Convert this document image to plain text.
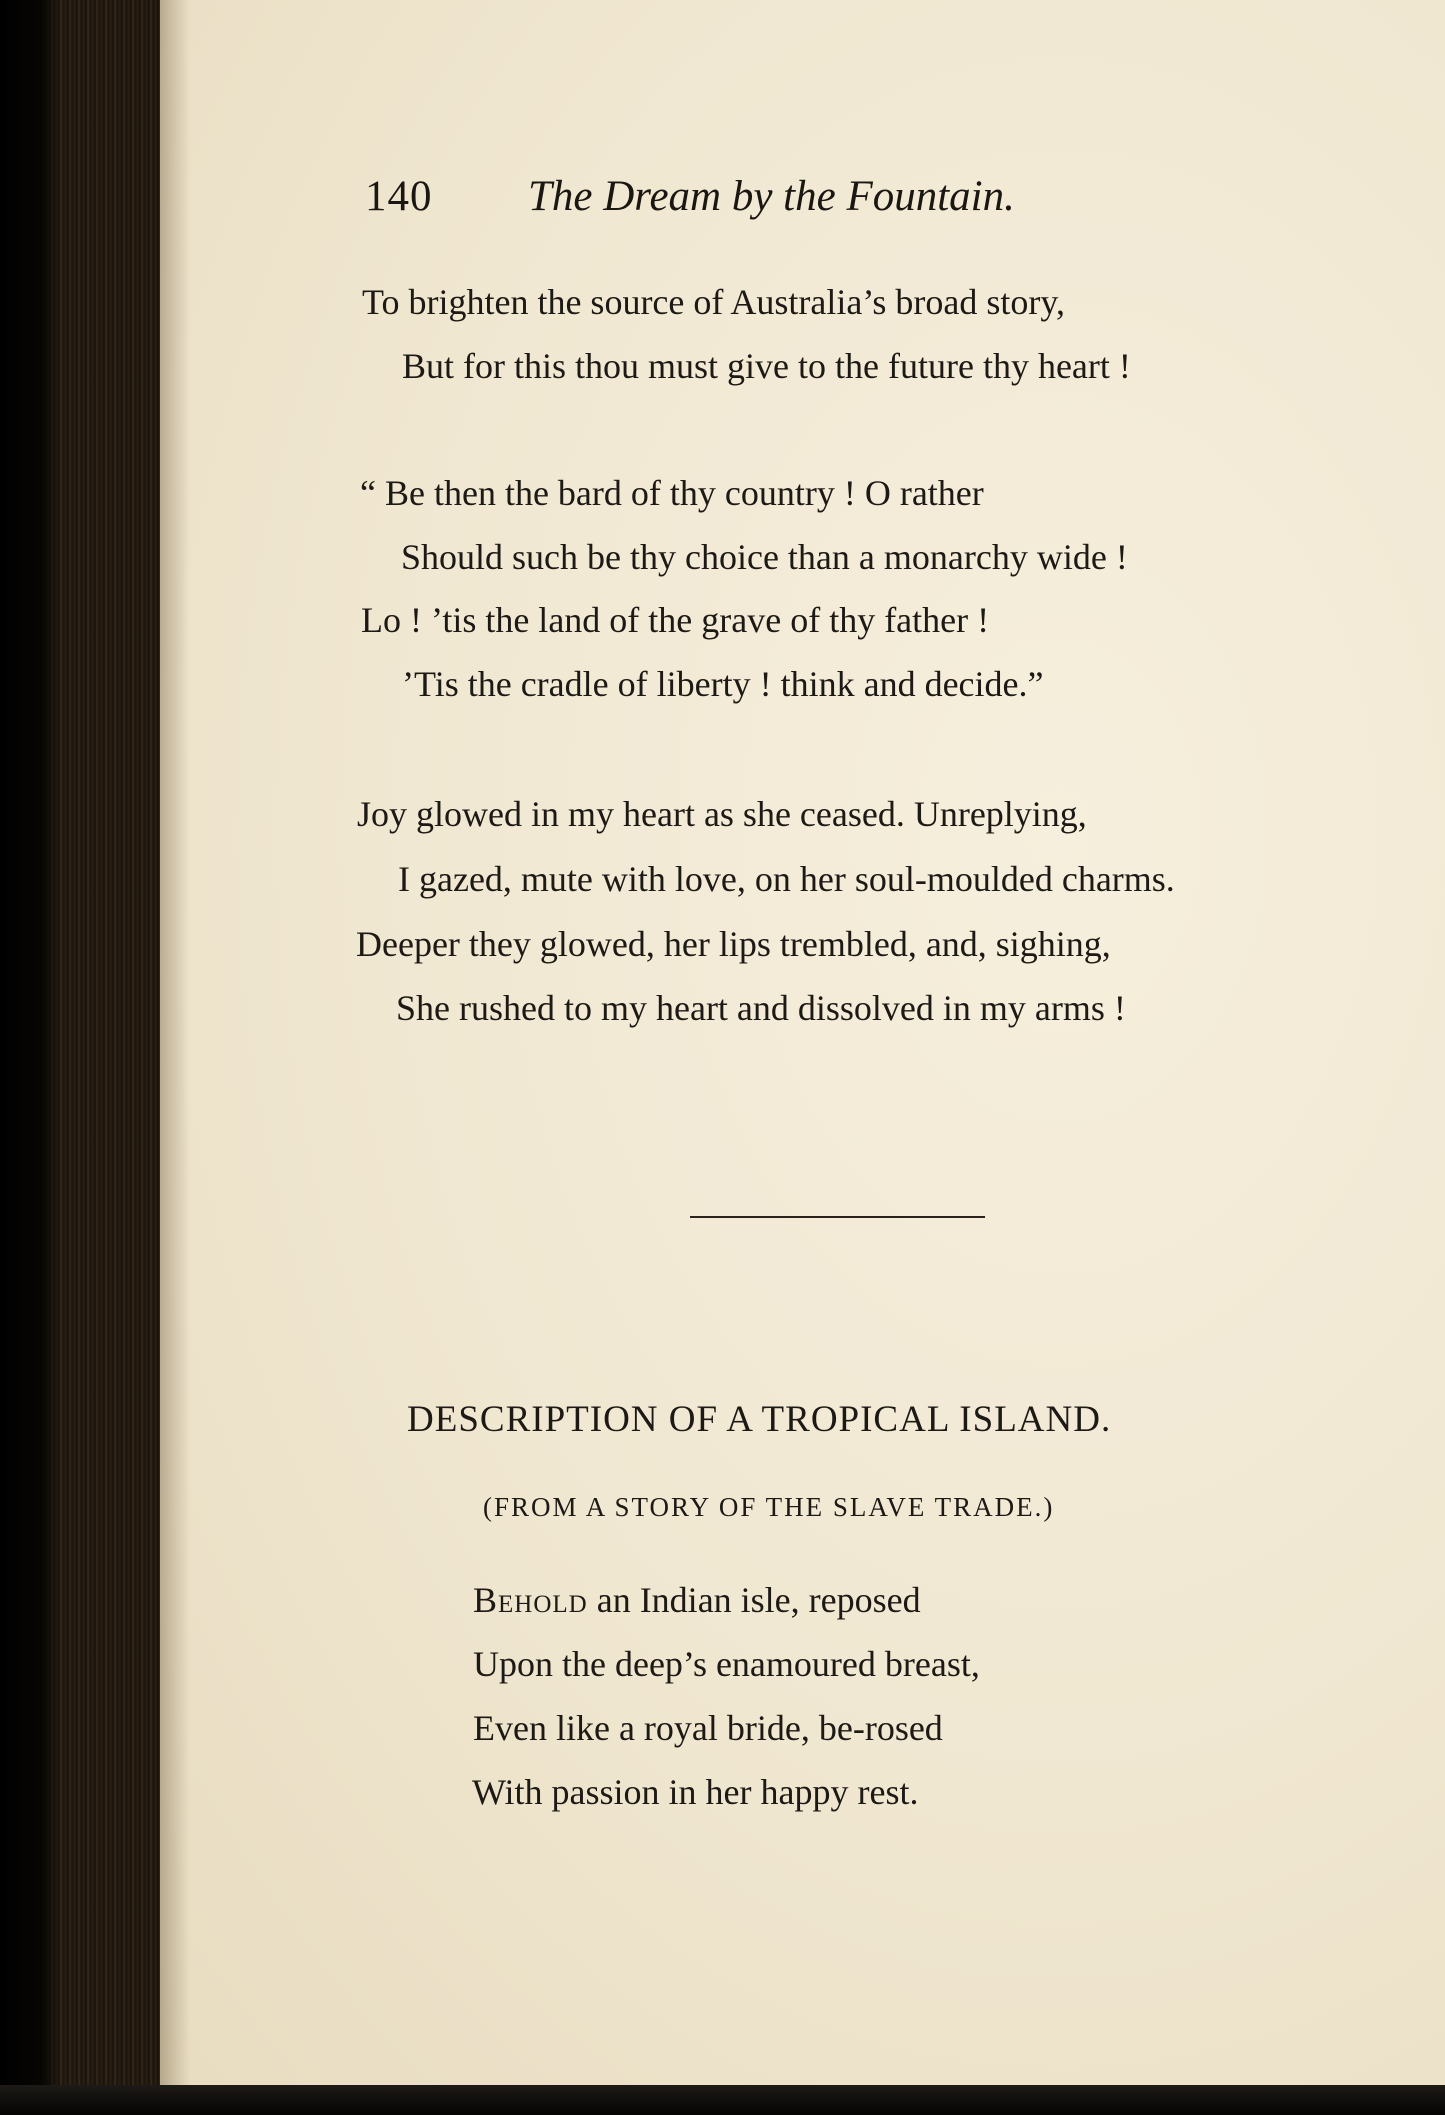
140 The Dream by the Fountain.
To brighten the source of Australia’s broad story,
But for this thou must give to the future thy heart !
“ Be then the bard of thy country ! O rather
Should such be thy choice than a monarchy wide !
Lo ! ’tis the land of the grave of thy father !
’Tis the cradle of liberty ! think and decide.”
Joy glowed in my heart as she ceased. Unreplying,
I gazed, mute with love, on her soul-moulded charms.
Deeper they glowed, her lips trembled, and, sighing,
She rushed to my heart and dissolved in my arms !
DESCRIPTION OF A TROPICAL ISLAND.
(FROM A STORY OF THE SLAVE TRADE.)
Behold an Indian isle, reposed
Upon the deep’s enamoured breast,
Even like a royal bride, be-rosed
With passion in her happy rest.
